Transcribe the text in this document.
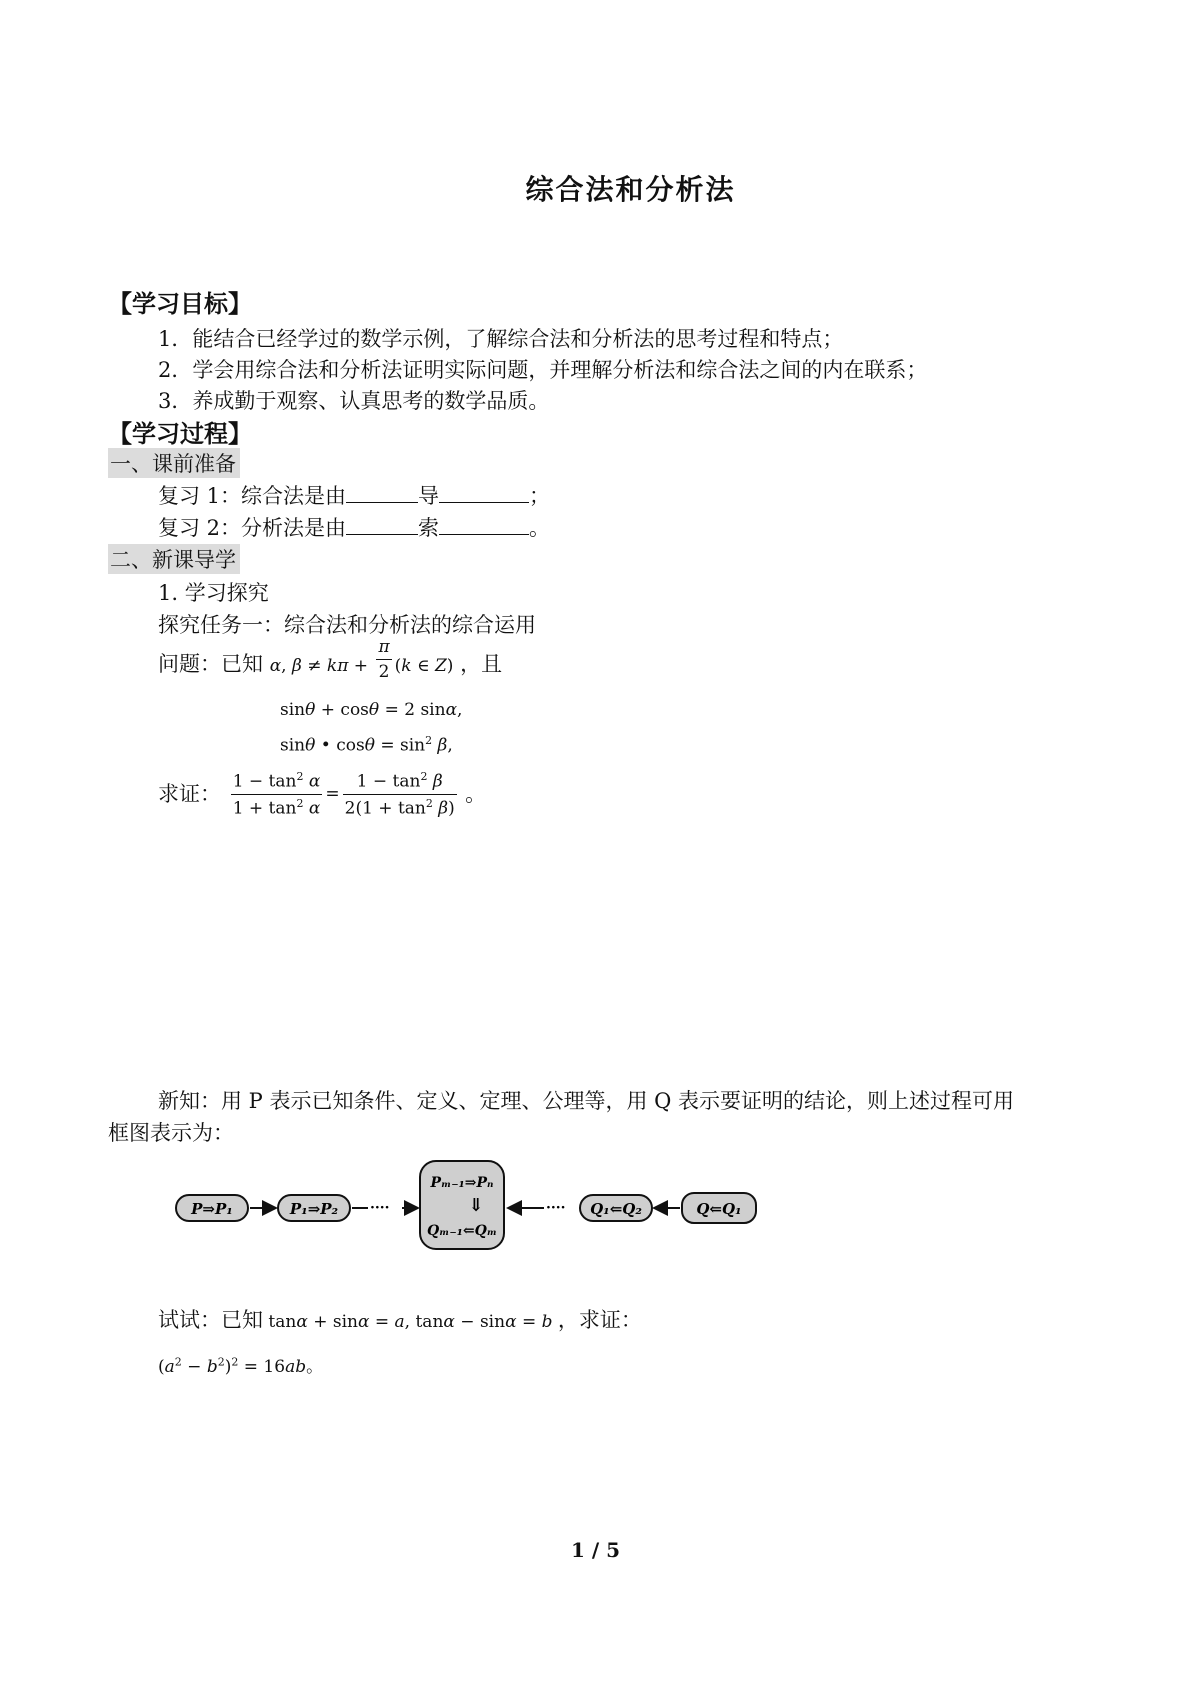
综合法和分析法
【学习目标】
1．能结合已经学过的数学示例，了解综合法和分析法的思考过程和特点；
2．学会用综合法和分析法证明实际问题，并理解分析法和综合法之间的内在联系；
3．养成勤于观察、认真思考的数学品质。
【学习过程】
一、课前准备
复习 1：综合法是由	导	；
复习 2：分析法是由	索	。
二、新课导学
1. 学习探究
探究任务一：综合法和分析法的综合运用
问题：已知 α, $\beta \ne k\pi + \frac{\pi}{2} (k$ ∈ Z) ，且
sinθ + cosθ = 2 sinα,
sinθ • $\cos\theta = \sin^2 \beta$,
求证： $\frac{1 - \tan^2 \alpha}{1 + \tan^2 \alpha} = \frac{1 - \tan^2 \beta}{2(1 + \tan^2 \beta)}$ 。
新知：用 P 表示已知条件、定义、定理、公理等，用 Q 表示要证明的结论，则上述过程可用
框图表示为：
P⇒P₁	P₁⇒P₂ ····
Pₘ₋₁⇒Pₙ
⇓
Qₘ₋₁⇐Qₘ
···· Q₁⇐Q₂	Q⇐Q₁
试试：已知 tanα + sinα = a, tanα − sinα = b ，求证：
$(a^2 - b^2)^2 = 16ab$。
1 / 5
